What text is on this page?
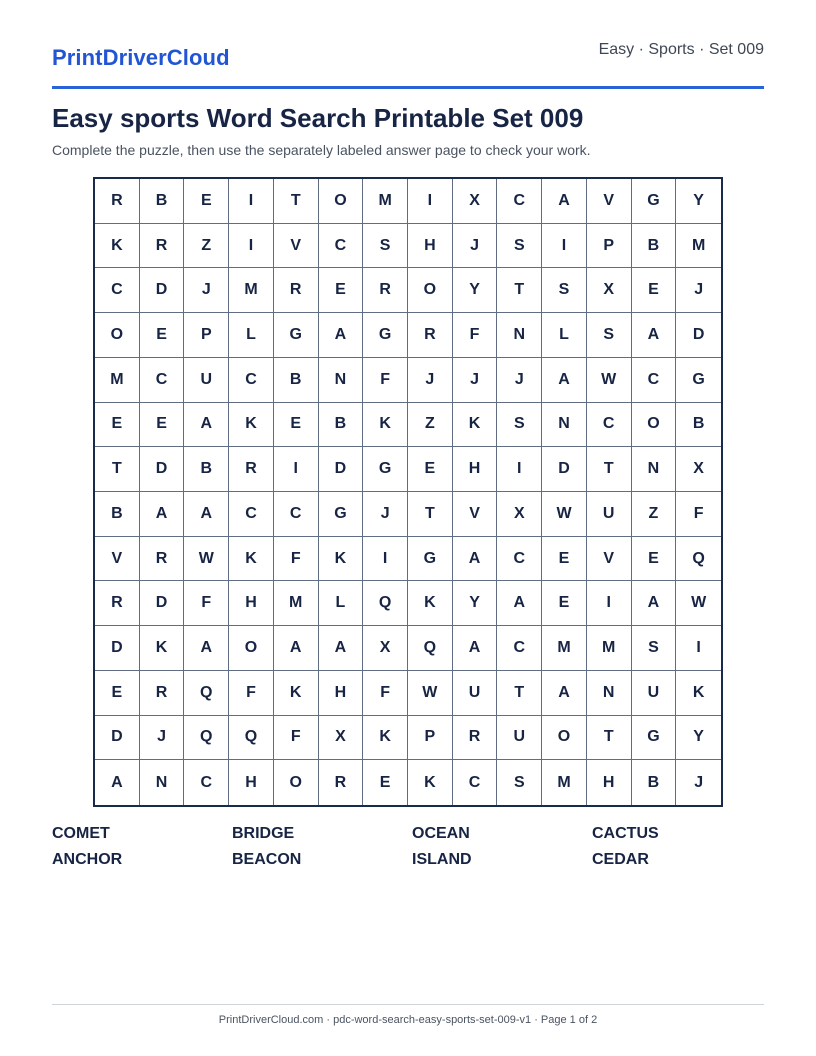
PrintDriverCloud	Easy · Sports · Set 009
Easy sports Word Search Printable Set 009
Complete the puzzle, then use the separately labeled answer page to check your work.
R	B	E	I	T	O	M	I	X	C	A	V	G	Y
K	R	Z	I	V	C	S	H	J	S	I	P	B	M
C	D	J	M	R	E	R	O	Y	T	S	X	E	J
O	E	P	L	G	A	G	R	F	N	L	S	A	D
M	C	U	C	B	N	F	J	J	J	A	W	C	G
E	E	A	K	E	B	K	Z	K	S	N	C	O	B
T	D	B	R	I	D	G	E	H	I	D	T	N	X
B	A	A	C	C	G	J	T	V	X	W	U	Z	F
V	R	W	K	F	K	I	G	A	C	E	V	E	Q
R	D	F	H	M	L	Q	K	Y	A	E	I	A	W
D	K	A	O	A	A	X	Q	A	C	M	M	S	I
E	R	Q	F	K	H	F	W	U	T	A	N	U	K
D	J	Q	Q	F	X	K	P	R	U	O	T	G	Y
A	N	C	H	O	R	E	K	C	S	M	H	B	J
COMET	BRIDGE	OCEAN	CACTUS
ANCHOR	BEACON	ISLAND	CEDAR
PrintDriverCloud.com · pdc-word-search-easy-sports-set-009-v1 · Page 1 of 2
